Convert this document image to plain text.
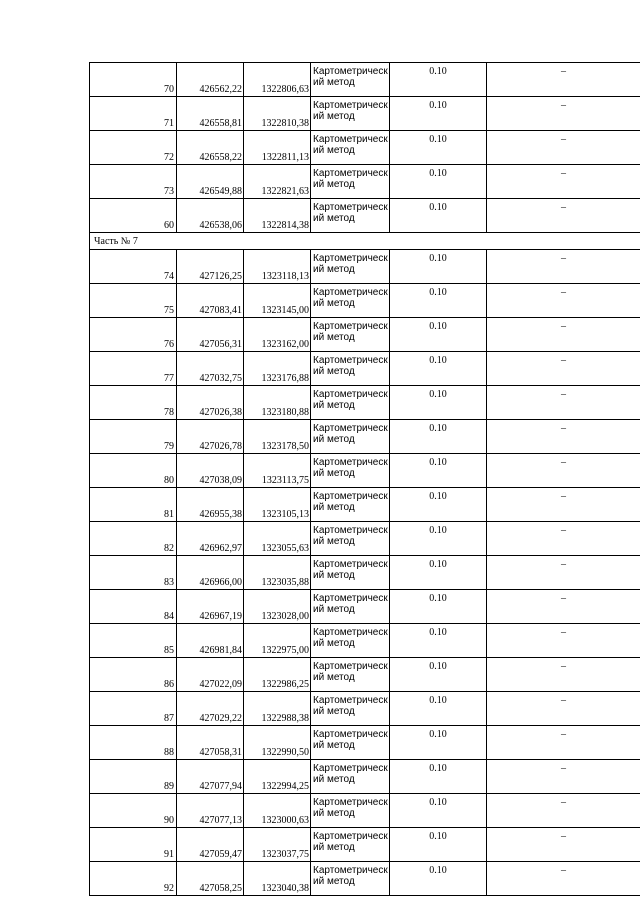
70	426562,22	1322806,63	Картометрическ ий метод	0.10	–
71	426558,81	1322810,38	Картометрическ ий метод	0.10	–
72	426558,22	1322811,13	Картометрическ ий метод	0.10	–
73	426549,88	1322821,63	Картометрическ ий метод	0.10	–
60	426538,06	1322814,38	Картометрическ ий метод	0.10	–
Часть № 7					
74	427126,25	1323118,13	Картометрическ ий метод	0.10	–
75	427083,41	1323145,00	Картометрическ ий метод	0.10	–
76	427056,31	1323162,00	Картометрическ ий метод	0.10	–
77	427032,75	1323176,88	Картометрическ ий метод	0.10	–
78	427026,38	1323180,88	Картометрическ ий метод	0.10	–
79	427026,78	1323178,50	Картометрическ ий метод	0.10	–
80	427038,09	1323113,75	Картометрическ ий метод	0.10	–
81	426955,38	1323105,13	Картометрическ ий метод	0.10	–
82	426962,97	1323055,63	Картометрическ ий метод	0.10	–
83	426966,00	1323035,88	Картометрическ ий метод	0.10	–
84	426967,19	1323028,00	Картометрическ ий метод	0.10	–
85	426981,84	1322975,00	Картометрическ ий метод	0.10	–
86	427022,09	1322986,25	Картометрическ ий метод	0.10	–
87	427029,22	1322988,38	Картометрическ ий метод	0.10	–
88	427058,31	1322990,50	Картометрическ ий метод	0.10	–
89	427077,94	1322994,25	Картометрическ ий метод	0.10	–
90	427077,13	1323000,63	Картометрическ ий метод	0.10	–
91	427059,47	1323037,75	Картометрическ ий метод	0.10	–
92	427058,25	1323040,38	Картометрическ ий метод	0.10	–
